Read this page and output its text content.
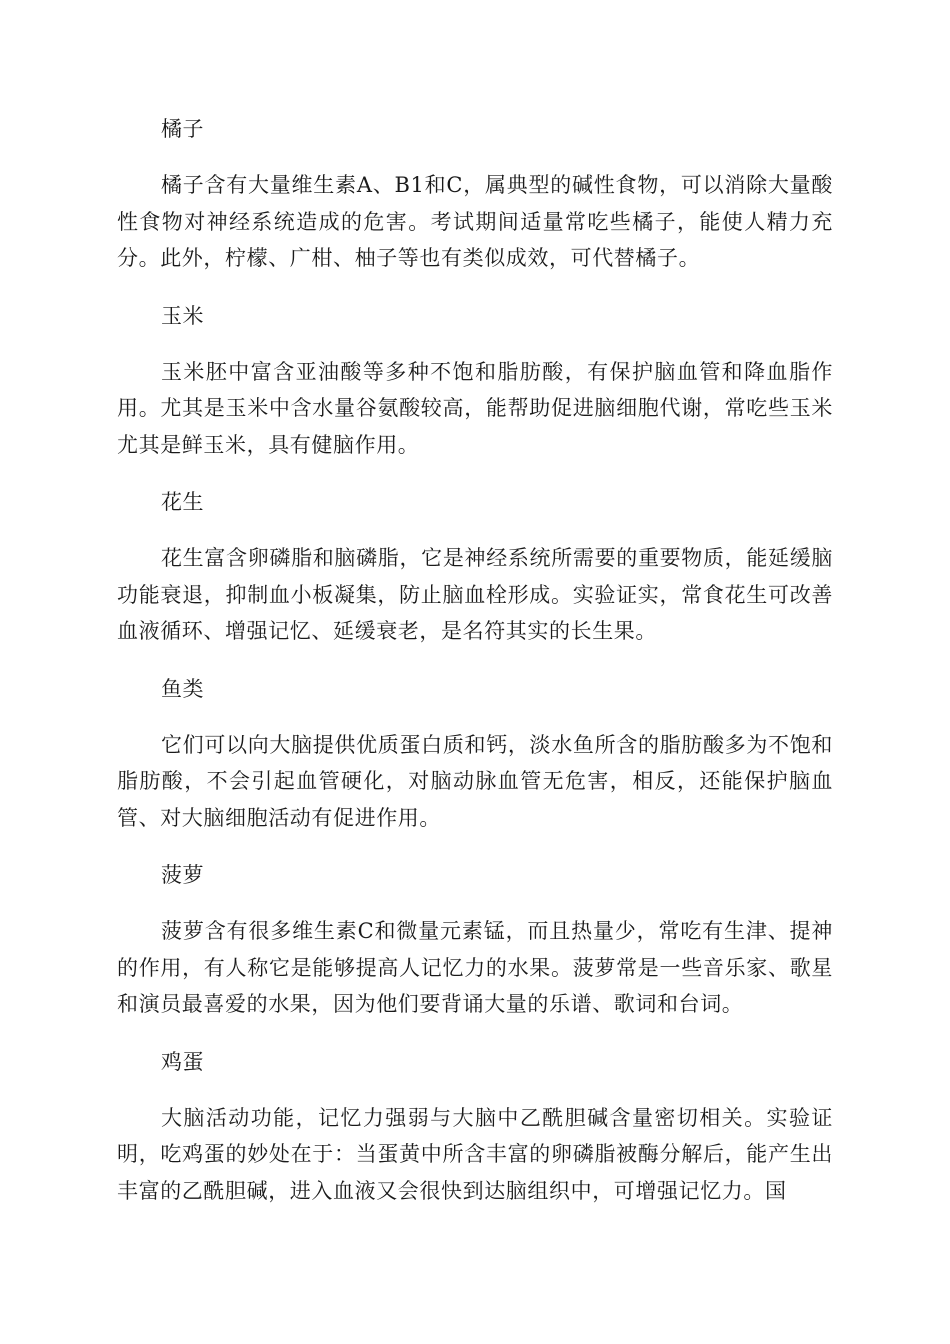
橘子

橘子含有大量维生素A、B1和C，属典型的碱性食物，可以消除大量酸性食物对神经系统造成的危害。考试期间适量常吃些橘子，能使人精力充分。此外，柠檬、广柑、柚子等也有类似成效，可代替橘子。

玉米

玉米胚中富含亚油酸等多种不饱和脂肪酸，有保护脑血管和降血脂作用。尤其是玉米中含水量谷氨酸较高，能帮助促进脑细胞代谢，常吃些玉米尤其是鲜玉米，具有健脑作用。

花生

花生富含卵磷脂和脑磷脂，它是神经系统所需要的重要物质，能延缓脑功能衰退，抑制血小板凝集，防止脑血栓形成。实验证实，常食花生可改善血液循环、增强记忆、延缓衰老，是名符其实的长生果。

鱼类

它们可以向大脑提供优质蛋白质和钙，淡水鱼所含的脂肪酸多为不饱和脂肪酸，不会引起血管硬化，对脑动脉血管无危害，相反，还能保护脑血管、对大脑细胞活动有促进作用。

菠萝

菠萝含有很多维生素C和微量元素锰，而且热量少，常吃有生津、提神的作用，有人称它是能够提高人记忆力的水果。菠萝常是一些音乐家、歌星和演员最喜爱的水果，因为他们要背诵大量的乐谱、歌词和台词。

鸡蛋

大脑活动功能，记忆力强弱与大脑中乙酰胆碱含量密切相关。实验证明，吃鸡蛋的妙处在于：当蛋黄中所含丰富的卵磷脂被酶分解后，能产生出丰富的乙酰胆碱，进入血液又会很快到达脑组织中，可增强记忆力。国
